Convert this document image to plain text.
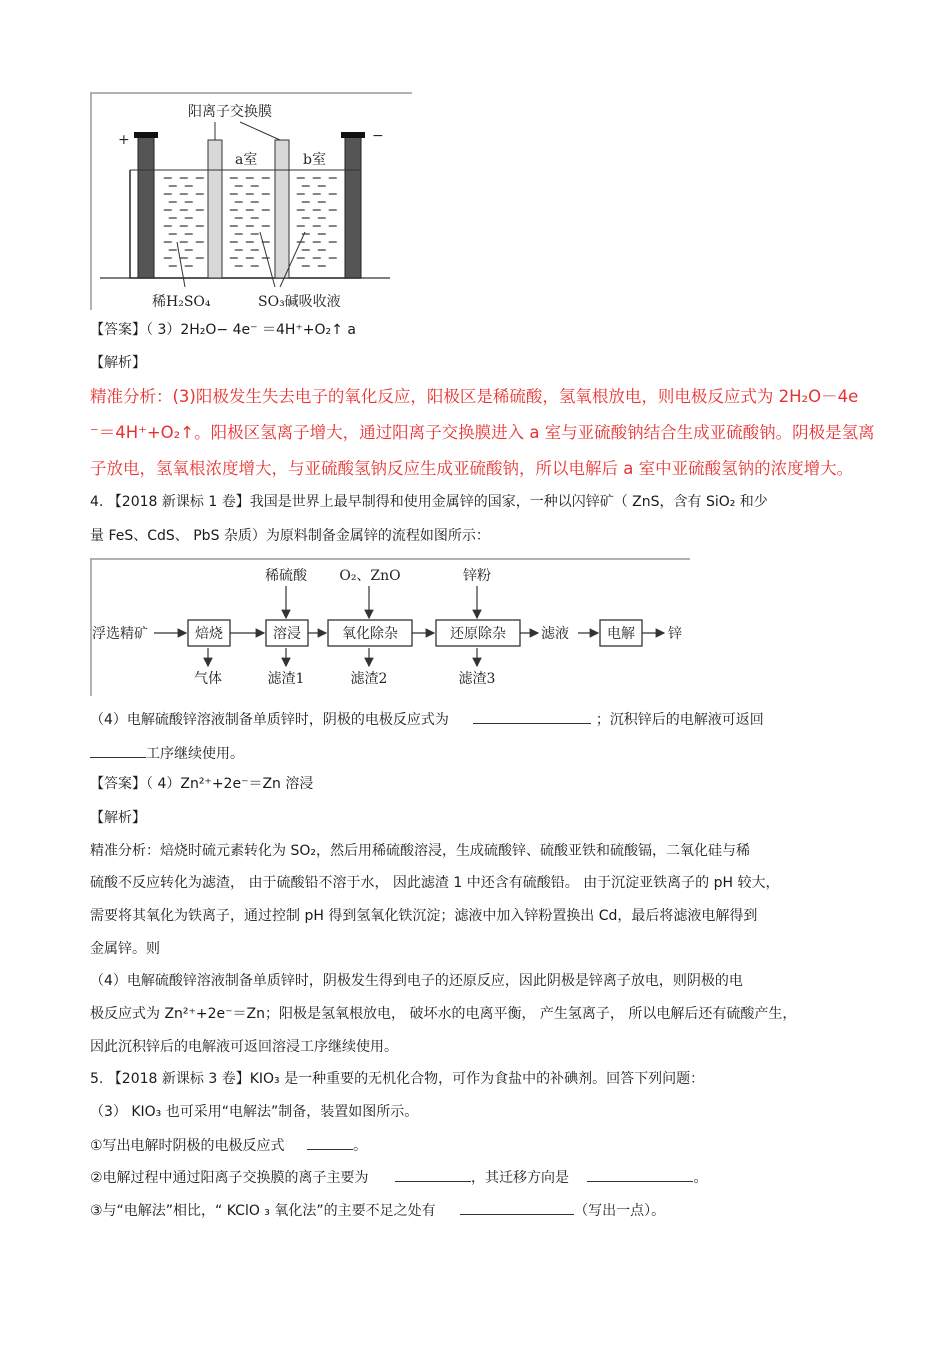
阳离子交换膜
+	−
a室	b室
稀H₂SO₄	SO₃碱吸收液
【答案】（ 3）2H₂O− 4e⁻ ＝4H⁺+O₂↑ a
【解析】
精准分析：(3)阳极发生失去电子的氧化反应，阳极区是稀硫酸，氢氧根放电，则电极反应式为 2H₂O－4e
⁻＝4H⁺+O₂↑。阳极区氢离子增大，通过阳离子交换膜进入 a 室与亚硫酸钠结合生成亚硫酸钠。阴极是氢离
子放电，氢氧根浓度增大，与亚硫酸氢钠反应生成亚硫酸钠，所以电解后 a 室中亚硫酸氢钠的浓度增大。
4. 【2018 新课标 1 卷】我国是世界上最早制得和使用金属锌的国家，一种以闪锌矿（ ZnS，含有 SiO₂ 和少
量 FeS、CdS、 PbS 杂质）为原料制备金属锌的流程如图所示：
浮选精矿	焙烧	溶浸	氧化除杂	还原除杂	滤液	电解 锌
稀硫酸 O₂、ZnO	锌粉
气体	滤渣1	滤渣2	滤渣3
（4）电解硫酸锌溶液制备单质锌时，阴极的电极反应式为	；沉积锌后的电解液可返回
工序继续使用。
【答案】（ 4）Zn²⁺+2e⁻＝Zn 溶浸
【解析】
精准分析：焙烧时硫元素转化为 SO₂，然后用稀硫酸溶浸，生成硫酸锌、硫酸亚铁和硫酸镉，二氧化硅与稀
硫酸不反应转化为滤渣， 由于硫酸铅不溶于水， 因此滤渣 1 中还含有硫酸铅。 由于沉淀亚铁离子的 pH 较大，
需要将其氧化为铁离子，通过控制 pH 得到氢氧化铁沉淀；滤液中加入锌粉置换出 Cd，最后将滤液电解得到
金属锌。则
（4）电解硫酸锌溶液制备单质锌时，阴极发生得到电子的还原反应，因此阴极是锌离子放电，则阴极的电
极反应式为 Zn²⁺+2e⁻＝Zn；阳极是氢氧根放电， 破坏水的电离平衡， 产生氢离子， 所以电解后还有硫酸产生，
因此沉积锌后的电解液可返回溶浸工序继续使用。
5. 【2018 新课标 3 卷】KIO₃ 是一种重要的无机化合物，可作为食盐中的补碘剂。回答下列问题：
（3） KIO₃ 也可采用“电解法”制备，装置如图所示。
①写出电解时阴极的电极反应式	。
②电解过程中通过阳离子交换膜的离子主要为	，其迁移方向是	。
③与“电解法”相比，“ KClO ₃ 氧化法”的主要不足之处有	（写出一点）。
